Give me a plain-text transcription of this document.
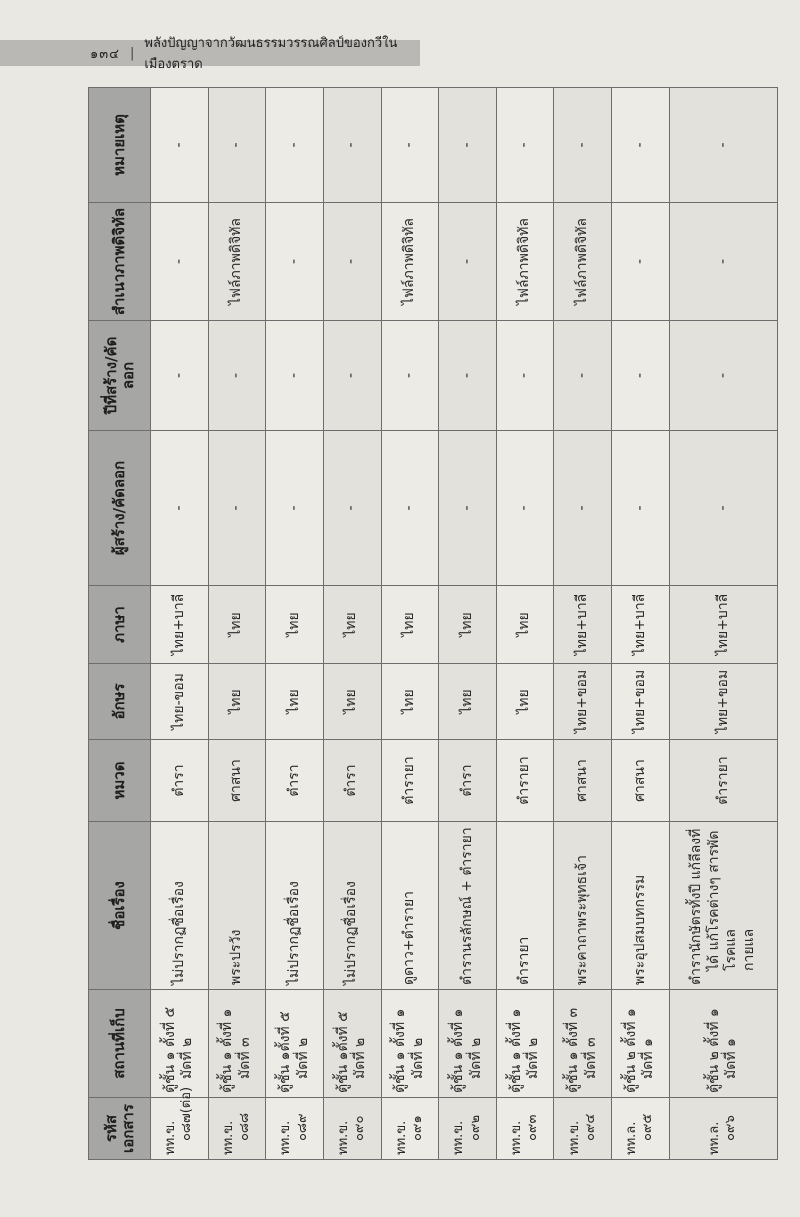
๑๓๔ |
พลังปัญญาจากวัฒนธรรมวรรณศิลป์ของกวีในเมืองตราด
รหัสเอกสาร	สถานที่เก็บ	ชื่อเรื่อง	หมวด	อักษร	ภาษา	ผู้สร้าง/คัดลอก	ปีที่สร้าง/คัดลอก	สำเนาภาพดิจิทัล	หมายเหตุ

ทท.ข. ๐๘๗(ต่อ)	ตู้ชั้น ๑ ตั้งที่ ๕ มัดที่ ๒	ไม่ปรากฏชื่อเรื่อง	ตำรา	ไทย-ขอม	ไทย+บาลี	-	-	-	-

ทท.ข. ๐๘๘	ตู้ชั้น ๑ ตั้งที่ ๑ มัดที่ ๓	พระปรวัง	ศาสนา	ไทย	ไทย	-	-	ไฟล์ภาพดิจิทัล	-

ทท.ข. ๐๘๙	ตู้ชั้น ๑ตั้งที่ ๕ มัดที่ ๒	ไม่ปรากฏชื่อเรื่อง	ตำรา	ไทย	ไทย	-	-	-	-

ทท.ข. ๐๙๐	ตู้ชั้น ๑ตั้งที่ ๕ มัดที่ ๒	ไม่ปรากฏชื่อเรื่อง	ตำรา	ไทย	ไทย	-	-	-	-

ทท.ข. ๐๙๑	ตู้ชั้น ๑ ตั้งที่ ๑ มัดที่ ๒	ดูดาว+ตำรายา	ตำรายา	ไทย	ไทย	-	-	ไฟล์ภาพดิจิทัล	-

ทท.ข. ๐๙๒	ตู้ชั้น ๑ ตั้งที่ ๑ มัดที่ ๒	ตำรานรลักษณ์ + ตำรายา	ตำรา	ไทย	ไทย	-	-	-	-

ทท.ข. ๐๙๓	ตู้ชั้น ๑ ตั้งที่ ๑ มัดที่ ๒	ตำรายา	ตำรายา	ไทย	ไทย	-	-	ไฟล์ภาพดิจิทัล	-

ทท.ข. ๐๙๔	ตู้ชั้น ๑ ตั้งที่ ๓ มัดที่ ๓	พระคาถาพระพุทธเจ้า	ศาสนา	ไทย+ขอม	ไทย+บาลี	-	-	ไฟล์ภาพดิจิทัล	-

ทท.ล. ๐๙๕	ตู้ชั้น ๒ ตั้งที่ ๑ มัดที่ ๑	พระอุปสมบทกรรม	ศาสนา	ไทย+ขอม	ไทย+บาลี	-	-	-	-

ทท.ล. ๐๙๖	ตู้ชั้น ๒ ตั้งที่ ๑ มัดที่ ๑	ตำรานักษัตรทั้งปี แก้ลีลงที่ ได้ แก้โรคต่างๆ สารพัดโรคแล กายแล	ตำรายา	ไทย+ขอม	ไทย+บาลี	-	-	-	-
